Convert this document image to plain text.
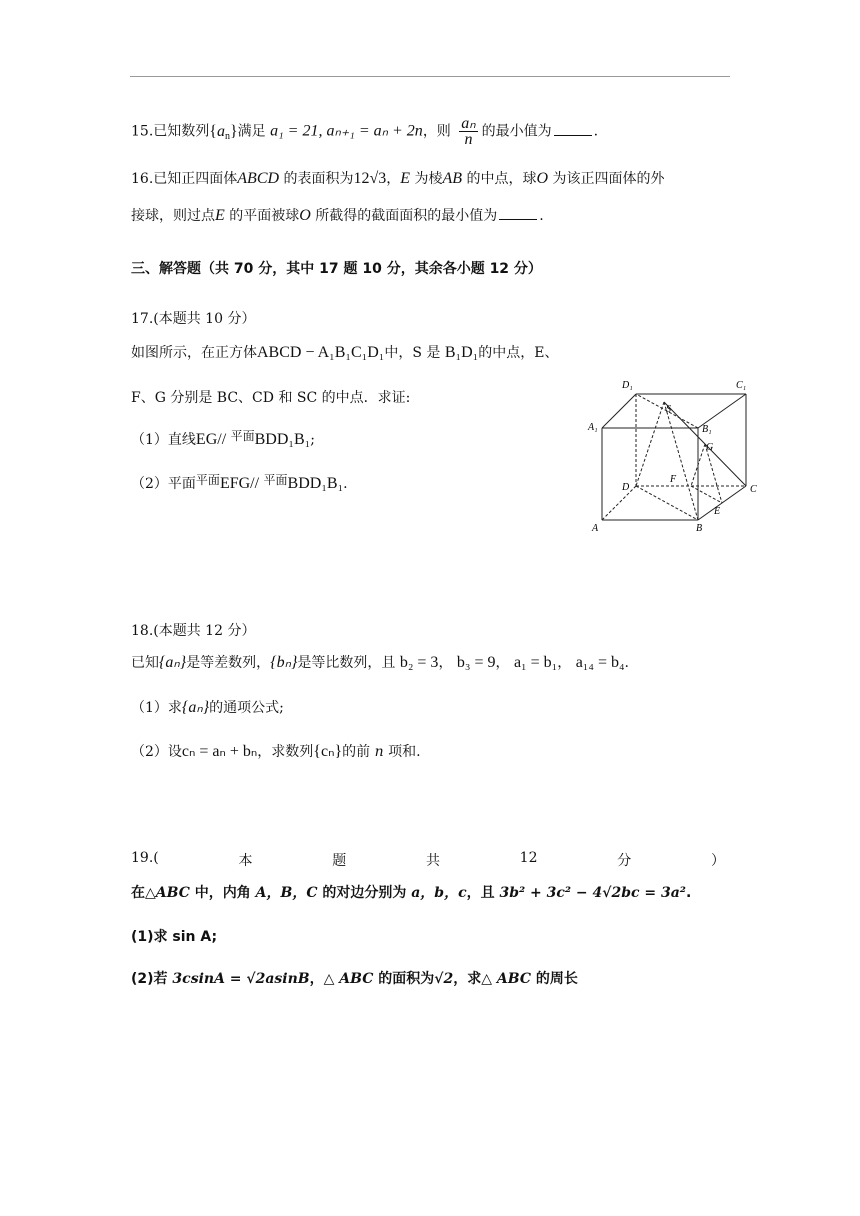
15.已知数列$\{a_n\}$满足 a₁ = 21, aₙ₊₁ = aₙ + 2n，则 $\frac{\text{aₙ}}{n}$ 的最小值为	.
16.已知正四面体ABCD 的表面积为12√3，E 为棱AB 的中点，球O 为该正四面体的外
接球，则过点E 的平面被球O 所截得的截面面积的最小值为	.
三、解答题（共 70 分，其中 17 题 10 分，其余各小题 12 分）
17.(本题共 10 分）
如图所示，在正方体ABCD − A₁B₁C₁D₁中，S 是 B₁D₁的中点，E、
F、G 分别是 BC、CD 和 SC 的中点．求证:
（1）直线EG// 平面BDD₁B₁;
（2）平面平面EFG// 平面BDD₁B₁.
D₁	C₁
A₁	B₁
S
G
D
F
C
E
A	B
18.(本题共 12 分）
已知{aₙ}是等差数列，{bₙ}是等比数列，且 b₂ = 3， b₃ = 9， a₁ = b₁， a₁₄ = b₄.
（1）求{aₙ}的通项公式;
（2）设cₙ = aₙ + bₙ，求数列{cₙ}的前 n 项和.
19.(	本	题	共	12	分	）
在△ABC 中，内角 A，B，C 的对边分别为 a，b，c，且 3b² + 3c² − 4√2bc = 3a².
(1)求 sin A;
(2)若 3csinA = √2asinB，△ ABC 的面积为√2，求△ ABC 的周长
